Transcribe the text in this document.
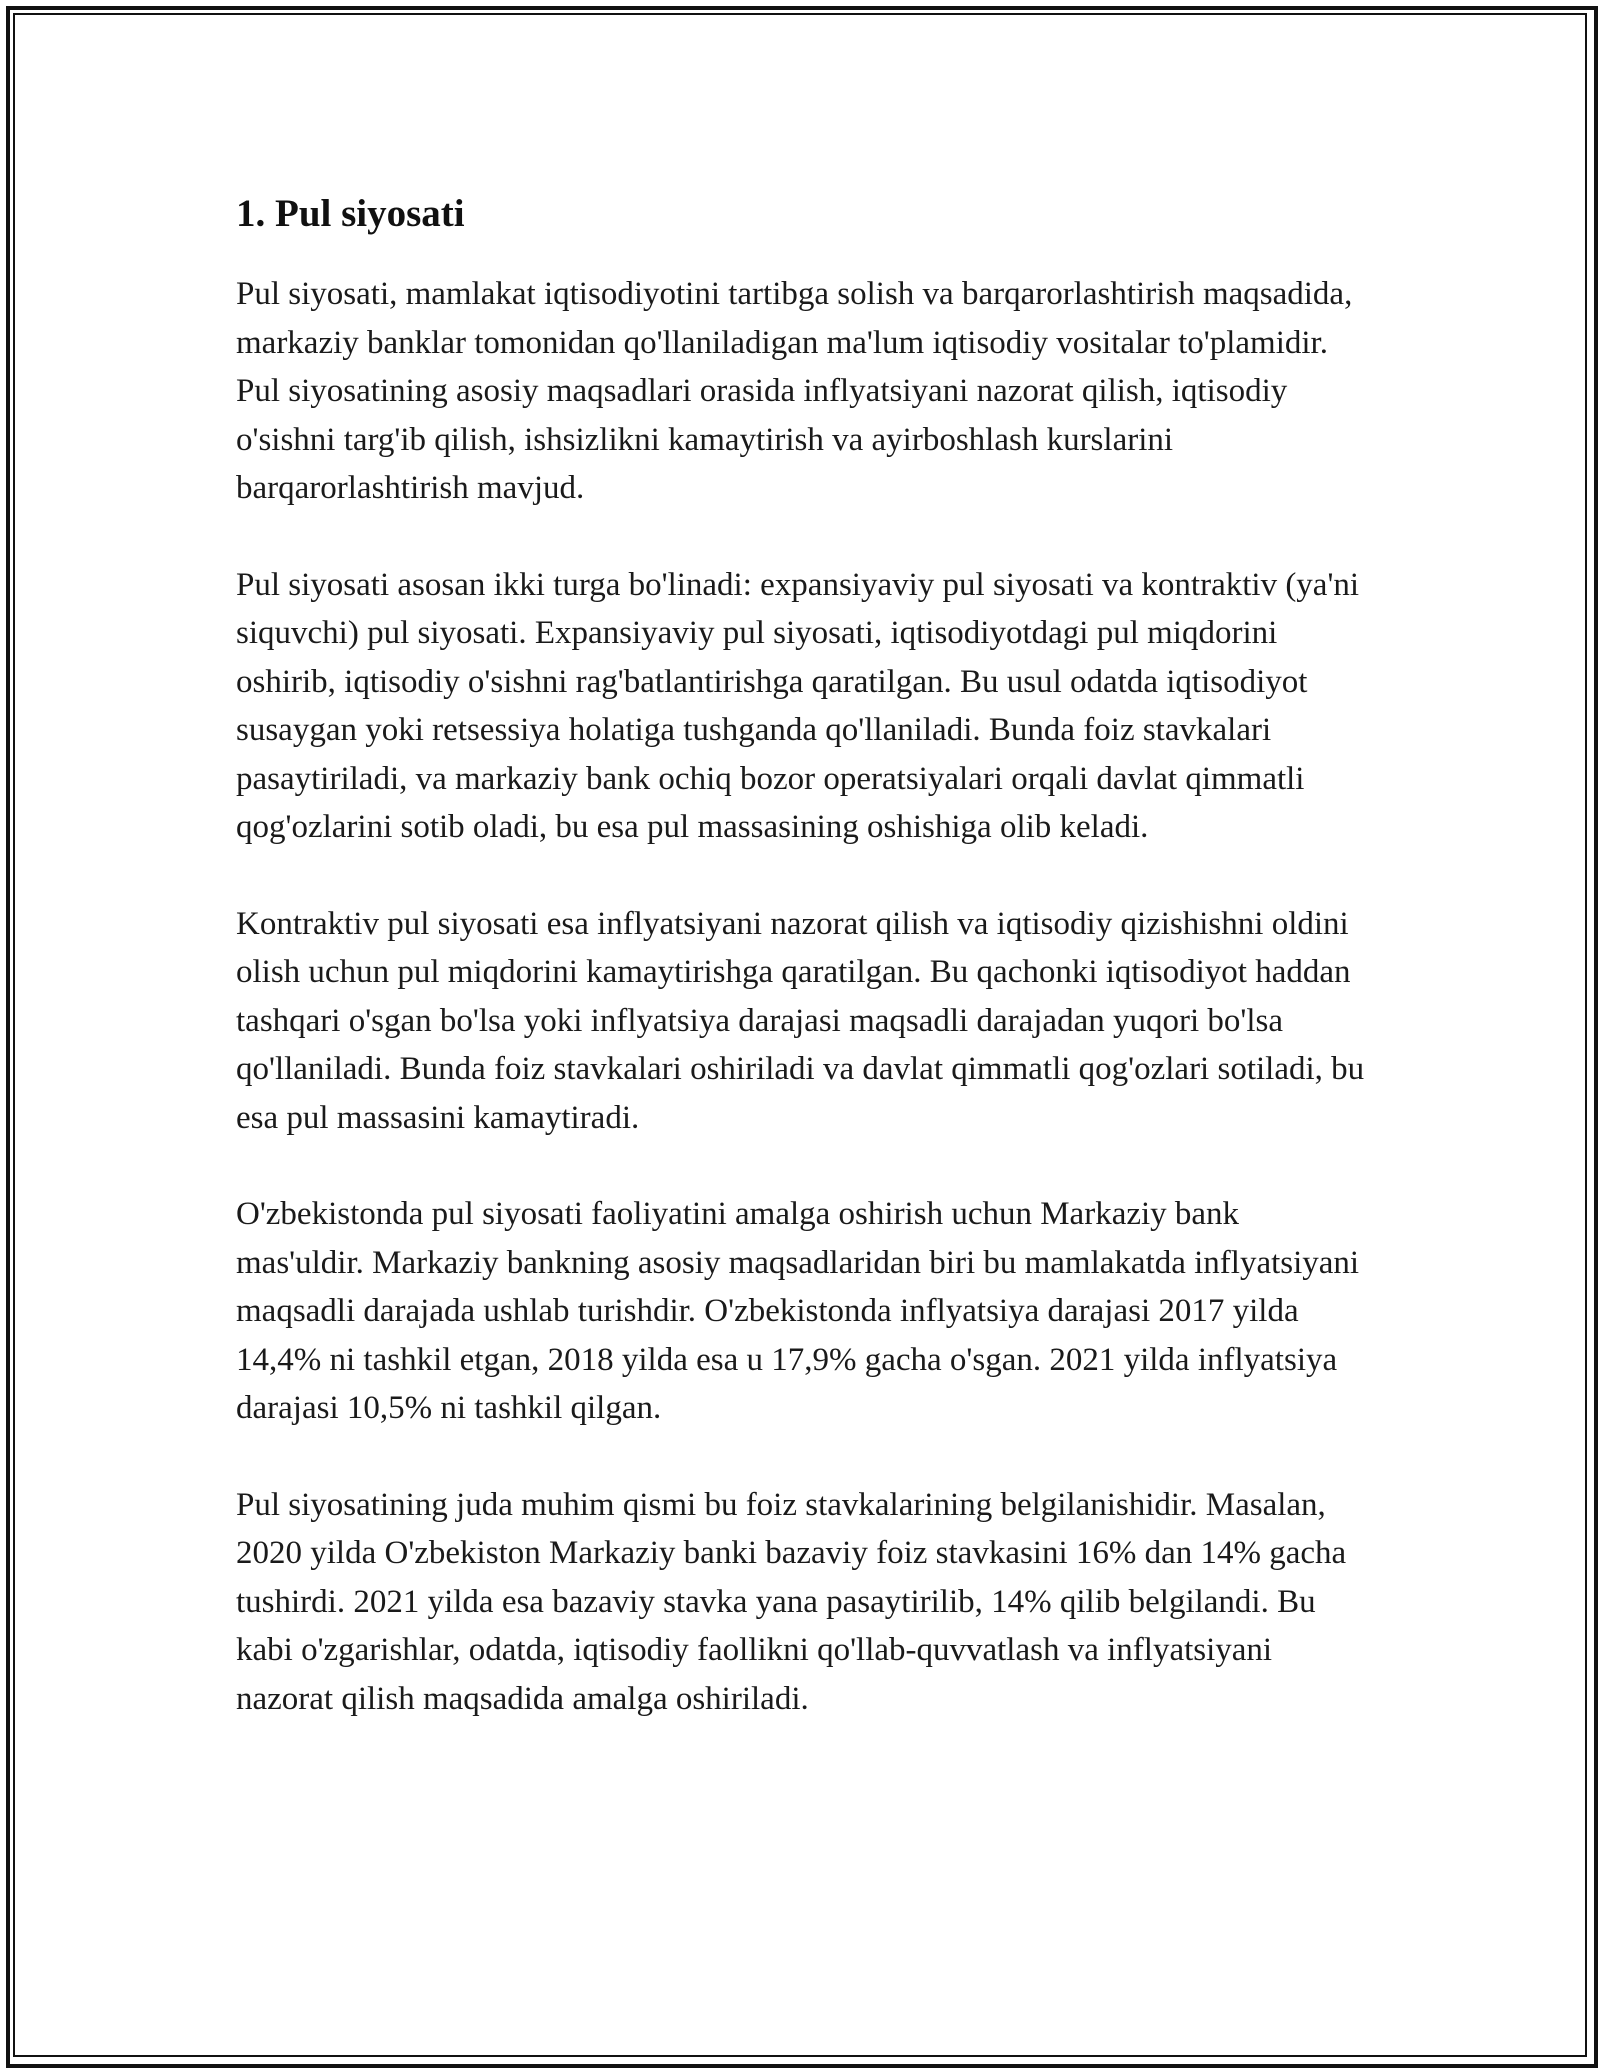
1. Pul siyosati

Pul siyosati, mamlakat iqtisodiyotini tartibga solish va barqarorlashtirish maqsadida, markaziy banklar tomonidan qo'llaniladigan ma'lum iqtisodiy vositalar to'plamidir. Pul siyosatining asosiy maqsadlari orasida inflyatsiyani nazorat qilish, iqtisodiy o'sishni targ'ib qilish, ishsizlikni kamaytirish va ayirboshlash kurslarini barqarorlashtirish mavjud.

Pul siyosati asosan ikki turga bo'linadi: expansiyaviy pul siyosati va kontraktiv (ya'ni siquvchi) pul siyosati. Expansiyaviy pul siyosati, iqtisodiyotdagi pul miqdorini oshirib, iqtisodiy o'sishni rag'batlantirishga qaratilgan. Bu usul odatda iqtisodiyot susaygan yoki retsessiya holatiga tushganda qo'llaniladi. Bunda foiz stavkalari pasaytiriladi, va markaziy bank ochiq bozor operatsiyalari orqali davlat qimmatli qog'ozlarini sotib oladi, bu esa pul massasining oshishiga olib keladi.

Kontraktiv pul siyosati esa inflyatsiyani nazorat qilish va iqtisodiy qizishishni oldini olish uchun pul miqdorini kamaytirishga qaratilgan. Bu qachonki iqtisodiyot haddan tashqari o'sgan bo'lsa yoki inflyatsiya darajasi maqsadli darajadan yuqori bo'lsa qo'llaniladi. Bunda foiz stavkalari oshiriladi va davlat qimmatli qog'ozlari sotiladi, bu esa pul massasini kamaytiradi.

O'zbekistonda pul siyosati faoliyatini amalga oshirish uchun Markaziy bank mas'uldir. Markaziy bankning asosiy maqsadlaridan biri bu mamlakatda inflyatsiyani maqsadli darajada ushlab turishdir. O'zbekistonda inflyatsiya darajasi 2017 yilda 14,4% ni tashkil etgan, 2018 yilda esa u 17,9% gacha o'sgan. 2021 yilda inflyatsiya darajasi 10,5% ni tashkil qilgan.

Pul siyosatining juda muhim qismi bu foiz stavkalarining belgilanishidir. Masalan, 2020 yilda O'zbekiston Markaziy banki bazaviy foiz stavkasini 16% dan 14% gacha tushirdi. 2021 yilda esa bazaviy stavka yana pasaytirilib, 14% qilib belgilandi. Bu kabi o'zgarishlar, odatda, iqtisodiy faollikni qo'llab-quvvatlash va inflyatsiyani nazorat qilish maqsadida amalga oshiriladi.
